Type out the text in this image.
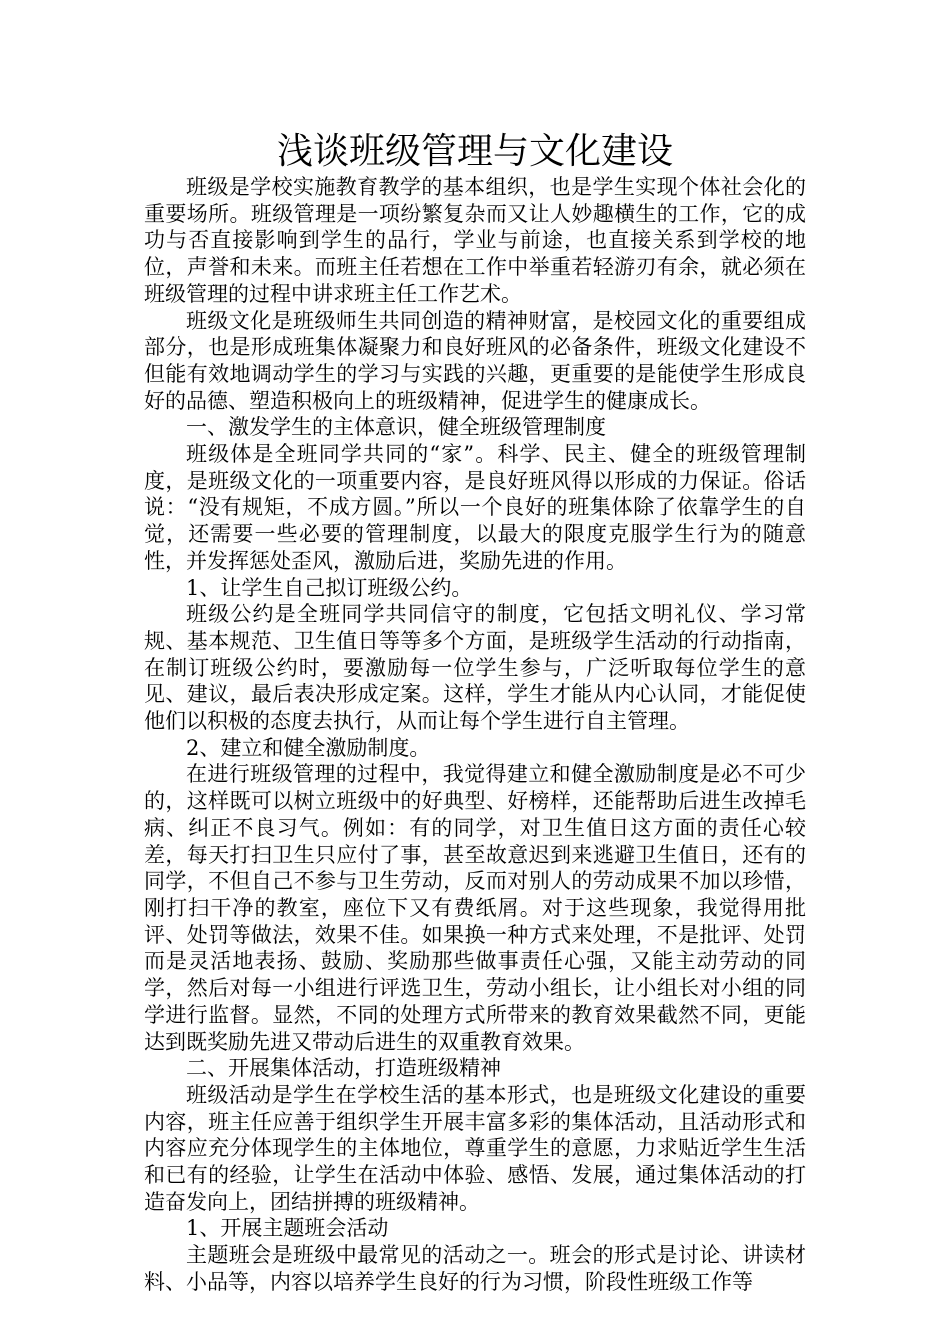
浅谈班级管理与文化建设

班级是学校实施教育教学的基本组织，也是学生实现个体社会化的重要场所。班级管理是一项纷繁复杂而又让人妙趣横生的工作，它的成功与否直接影响到学生的品行，学业与前途，也直接关系到学校的地位，声誉和未来。而班主任若想在工作中举重若轻游刃有余，就必须在班级管理的过程中讲求班主任工作艺术。

班级文化是班级师生共同创造的精神财富，是校园文化的重要组成部分，也是形成班集体凝聚力和良好班风的必备条件，班级文化建设不但能有效地调动学生的学习与实践的兴趣，更重要的是能使学生形成良好的品德、塑造积极向上的班级精神，促进学生的健康成长。

一、激发学生的主体意识，健全班级管理制度

班级体是全班同学共同的“家”。科学、民主、健全的班级管理制度，是班级文化的一项重要内容，是良好班风得以形成的力保证。俗话说：“没有规矩，不成方圆。”所以一个良好的班集体除了依靠学生的自觉，还需要一些必要的管理制度，以最大的限度克服学生行为的随意性，并发挥惩处歪风，激励后进，奖励先进的作用。

1、让学生自己拟订班级公约。

班级公约是全班同学共同信守的制度，它包括文明礼仪、学习常规、基本规范、卫生值日等等多个方面，是班级学生活动的行动指南，在制订班级公约时，要激励每一位学生参与，广泛听取每位学生的意见、建议，最后表决形成定案。这样，学生才能从内心认同，才能促使他们以积极的态度去执行，从而让每个学生进行自主管理。

2、建立和健全激励制度。

在进行班级管理的过程中，我觉得建立和健全激励制度是必不可少的，这样既可以树立班级中的好典型、好榜样，还能帮助后进生改掉毛病、纠正不良习气。例如：有的同学，对卫生值日这方面的责任心较差，每天打扫卫生只应付了事，甚至故意迟到来逃避卫生值日，还有的同学，不但自己不参与卫生劳动，反而对别人的劳动成果不加以珍惜，刚打扫干净的教室，座位下又有费纸屑。对于这些现象，我觉得用批评、处罚等做法，效果不佳。如果换一种方式来处理，不是批评、处罚而是灵活地表扬、鼓励、奖励那些做事责任心强，又能主动劳动的同学，然后对每一小组进行评选卫生，劳动小组长，让小组长对小组的同学进行监督。显然，不同的处理方式所带来的教育效果截然不同，更能达到既奖励先进又带动后进生的双重教育效果。

二、开展集体活动，打造班级精神

班级活动是学生在学校生活的基本形式，也是班级文化建设的重要内容，班主任应善于组织学生开展丰富多彩的集体活动，且活动形式和内容应充分体现学生的主体地位，尊重学生的意愿，力求贴近学生生活和已有的经验，让学生在活动中体验、感悟、发展，通过集体活动的打造奋发向上，团结拼搏的班级精神。

1、开展主题班会活动

主题班会是班级中最常见的活动之一。班会的形式是讨论、讲读材料、小品等，内容以培养学生良好的行为习惯，阶段性班级工作等
